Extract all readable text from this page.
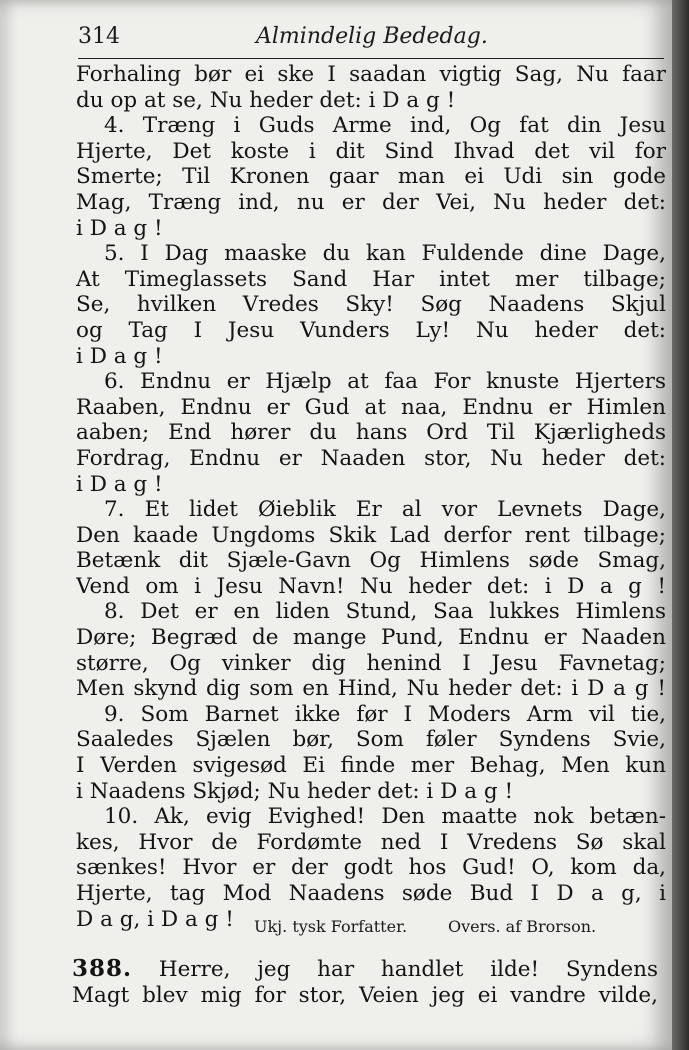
314	Almindelig Bededag.
Forhaling bør ei ske I saadan vigtig Sag, Nu faar
du op at se, Nu heder det: i D a g !
4. Træng i Guds Arme ind, Og fat din Jesu
Hjerte, Det koste i dit Sind Ihvad det vil for
Smerte; Til Kronen gaar man ei Udi sin gode
Mag, Træng ind, nu er der Vei, Nu heder det:
i D a g !
5. I Dag maaske du kan Fuldende dine Dage,
At Timeglassets Sand Har intet mer tilbage;
Se, hvilken Vredes Sky! Søg Naadens Skjul
og Tag I Jesu Vunders Ly! Nu heder det:
i D a g !
6. Endnu er Hjælp at faa For knuste Hjerters
Raaben, Endnu er Gud at naa, Endnu er Himlen
aaben; End hører du hans Ord Til Kjærligheds
Fordrag, Endnu er Naaden stor, Nu heder det:
i D a g !
7. Et lidet Øieblik Er al vor Levnets Dage,
Den kaade Ungdoms Skik Lad derfor rent tilbage;
Betænk dit Sjæle-Gavn Og Himlens søde Smag,
Vend om i Jesu Navn! Nu heder det: i D a g !
8. Det er en liden Stund, Saa lukkes Himlens
Døre; Begræd de mange Pund, Endnu er Naaden
større, Og vinker dig henind I Jesu Favnetag;
Men skynd dig som en Hind, Nu heder det: i D a g !
9. Som Barnet ikke før I Moders Arm vil tie,
Saaledes Sjælen bør, Som føler Syndens Svie,
I Verden svigesød Ei finde mer Behag, Men kun
i Naadens Skjød; Nu heder det: i D a g !
10. Ak, evig Evighed! Den maatte nok betæn-
kes, Hvor de Fordømte ned I Vredens Sø skal
sænkes! Hvor er der godt hos Gud! O, kom da,
Hjerte, tag Mod Naadens søde Bud I D a g, i
D a g, i D a g !	Ukj. tysk Forfatter.	Overs. af Brorson.
388. Herre, jeg har handlet ilde! Syndens
Magt blev mig for stor, Veien jeg ei vandre vilde,
